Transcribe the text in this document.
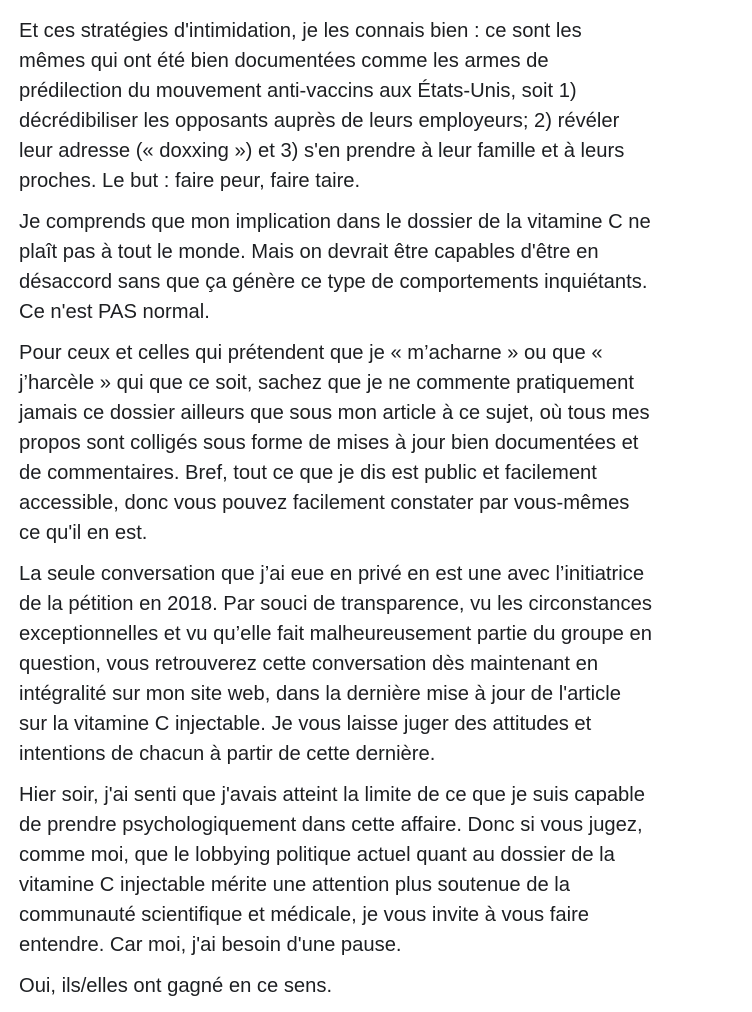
Et ces stratégies d'intimidation, je les connais bien : ce sont les
mêmes qui ont été bien documentées comme les armes de
prédilection du mouvement anti-vaccins aux États-Unis, soit 1)
décrédibiliser les opposants auprès de leurs employeurs; 2) révéler
leur adresse (« doxxing ») et 3) s'en prendre à leur famille et à leurs
proches. Le but : faire peur, faire taire.

Je comprends que mon implication dans le dossier de la vitamine C ne
plaît pas à tout le monde. Mais on devrait être capables d'être en
désaccord sans que ça génère ce type de comportements inquiétants.
Ce n'est PAS normal.

Pour ceux et celles qui prétendent que je « m’acharne » ou que «
j’harcèle » qui que ce soit, sachez que je ne commente pratiquement
jamais ce dossier ailleurs que sous mon article à ce sujet, où tous mes
propos sont colligés sous forme de mises à jour bien documentées et
de commentaires. Bref, tout ce que je dis est public et facilement
accessible, donc vous pouvez facilement constater par vous-mêmes
ce qu'il en est.

La seule conversation que j’ai eue en privé en est une avec l’initiatrice
de la pétition en 2018. Par souci de transparence, vu les circonstances
exceptionnelles et vu qu’elle fait malheureusement partie du groupe en
question, vous retrouverez cette conversation dès maintenant en
intégralité sur mon site web, dans la dernière mise à jour de l'article
sur la vitamine C injectable. Je vous laisse juger des attitudes et
intentions de chacun à partir de cette dernière.

Hier soir, j'ai senti que j'avais atteint la limite de ce que je suis capable
de prendre psychologiquement dans cette affaire. Donc si vous jugez,
comme moi, que le lobbying politique actuel quant au dossier de la
vitamine C injectable mérite une attention plus soutenue de la
communauté scientifique et médicale, je vous invite à vous faire
entendre. Car moi, j'ai besoin d'une pause.

Oui, ils/elles ont gagné en ce sens.
